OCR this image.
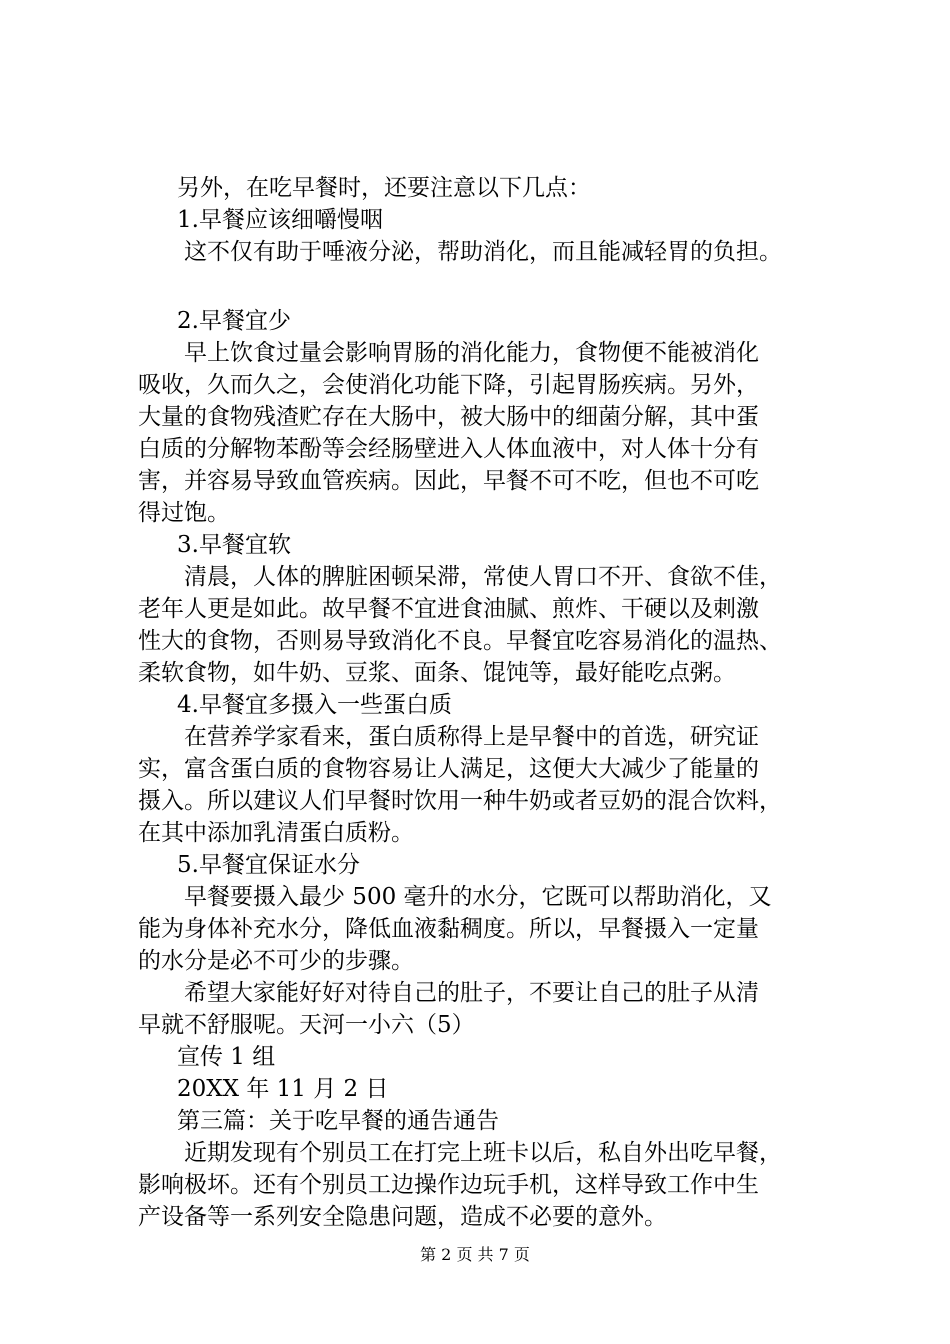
另外，在吃早餐时，还要注意以下几点：
1.早餐应该细嚼慢咽
这不仅有助于唾液分泌，帮助消化，而且能减轻胃的负担。
2.早餐宜少
早上饮食过量会影响胃肠的消化能力，食物便不能被消化
吸收，久而久之，会使消化功能下降，引起胃肠疾病。另外，
大量的食物残渣贮存在大肠中，被大肠中的细菌分解，其中蛋
白质的分解物苯酚等会经肠壁进入人体血液中，对人体十分有
害，并容易导致血管疾病。因此，早餐不可不吃，但也不可吃
得过饱。
3.早餐宜软
清晨，人体的脾脏困顿呆滞，常使人胃口不开、食欲不佳，
老年人更是如此。故早餐不宜进食油腻、煎炸、干硬以及刺激
性大的食物，否则易导致消化不良。早餐宜吃容易消化的温热、
柔软食物，如牛奶、豆浆、面条、馄饨等，最好能吃点粥。
4.早餐宜多摄入一些蛋白质
在营养学家看来，蛋白质称得上是早餐中的首选，研究证
实，富含蛋白质的食物容易让人满足，这便大大减少了能量的
摄入。所以建议人们早餐时饮用一种牛奶或者豆奶的混合饮料，
在其中添加乳清蛋白质粉。
5.早餐宜保证水分
早餐要摄入最少 500 毫升的水分，它既可以帮助消化，又
能为身体补充水分，降低血液黏稠度。所以，早餐摄入一定量
的水分是必不可少的步骤。
希望大家能好好对待自己的肚子，不要让自己的肚子从清
早就不舒服呢。天河一小六（5）
宣传 1 组
20XX 年 11 月 2 日
第三篇：关于吃早餐的通告通告
近期发现有个别员工在打完上班卡以后，私自外出吃早餐，
影响极坏。还有个别员工边操作边玩手机，这样导致工作中生
产设备等一系列安全隐患问题，造成不必要的意外。
第 2 页 共 7 页
